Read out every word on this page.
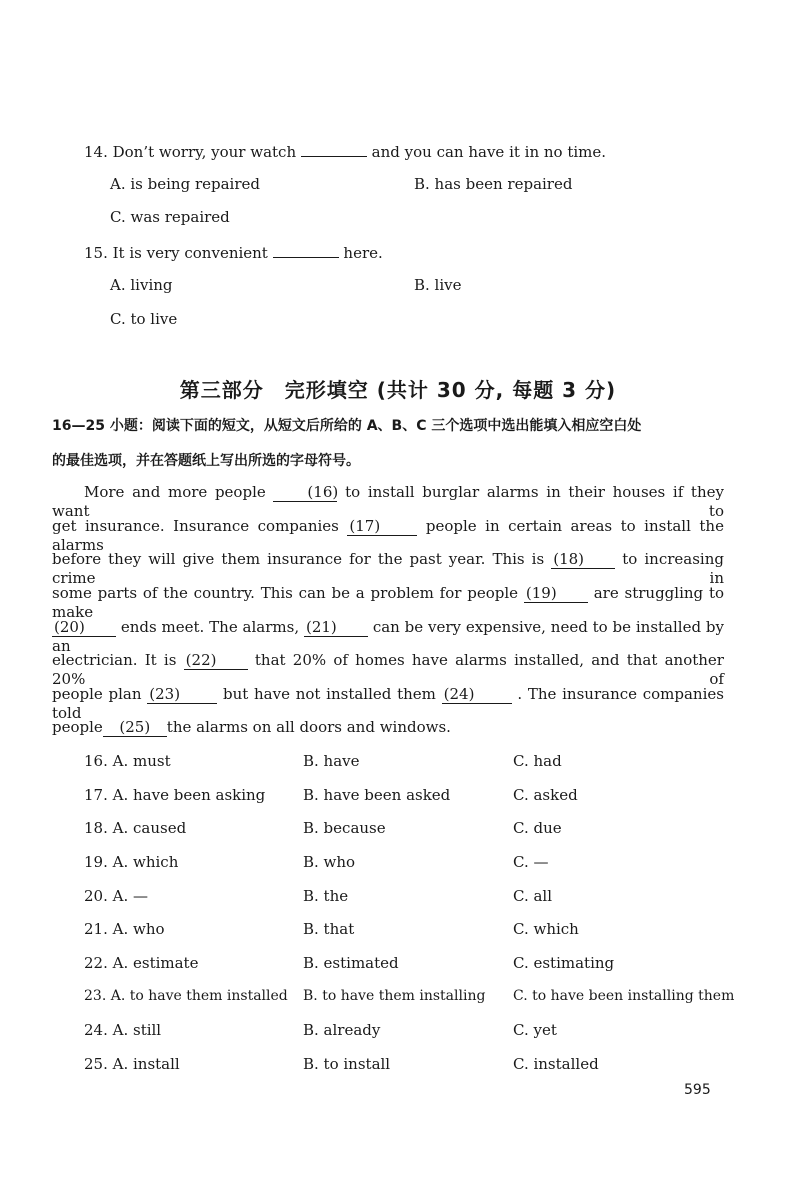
14. Don’t worry, your watch	and you can have it in no time.
A. is being repaired	B. has been repaired
C. was repaired
15. It is very convenient	here.
A. living	B. live
C. to live
第三部分　完形填空 (共计 30 分, 每题 3 分)
16—25 小题：阅读下面的短文，从短文后所给的 A、B、C 三个选项中选出能填入相应空白处
的最佳选项，并在答题纸上写出所选的字母符号。
More and more people	(16) to install burglar alarms in their houses if they want to
get insurance. Insurance companies (17)	people in certain areas to install the alarms
before they will give them insurance for the past year. This is (18)	to increasing crime in
some parts of the country. This can be a problem for people (19) are struggling to make
(20) ends meet. The alarms, (21) can be very expensive, need to be installed by an
electrician. It is (22)	that 20% of homes have alarms installed, and that another 20% of
people plan (23)	but have not installed them (24)	. The insurance companies told
people (25) the alarms on all doors and windows.
16. A. must	B. have	C. had
17. A. have been asking	B. have been asked	C. asked
18. A. caused	B. because	C. due
19. A. which	B. who	C. —
20. A. —	B. the	C. all
21. A. who	B. that	C. which
22. A. estimate	B. estimated	C. estimating
23. A. to have them installed B. to have them installing C. to have been installing them
24. A. still	B. already	C. yet
25. A. install	B. to install	C. installed
595
